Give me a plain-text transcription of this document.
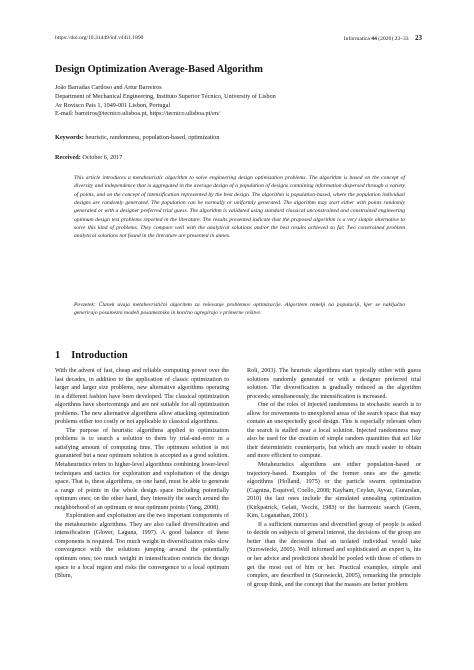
https://doi.org/10.31449/inf.v44i1.1890	Informatica 44 (2020) 23–33 23
Design Optimization Average-Based Algorithm
João Barradas Cardoso and Artur Barreiros
Department of Mechanical Engineering, Instituto Superior Técnico, University of Lisbon
Av Rovisco Pais 1, 1049-001 Lisbon, Portugal
E-mail: barreiros@tecnico.ulisboa.pt, https://tecnico.ulisboa.pt/en/
Keywords: heuristic, randomness, population-based, optimization
Received: October 6, 2017
This article introduces a metaheuristic algorithm to solve engineering design optimization problems. The algorithm is based on the concept of diversity and independence that is aggregated in the average design of a population of designs containing information dispersed through a variety of points, and on the concept of intensification represented by the best design. The algorithm is population-based, where the population individual designs are randomly generated. The population can be normally or uniformly generated. The algorithm may start either with points randomly generated or with a designer preferred trial guess. The algorithm is validated using standard classical unconstrained and constrained engineering optimum design test problems reported in the literature. The results presented indicate that the proposed algorithm is a very simple alternative to solve this kind of problems. They compare well with the analytical solutions and/or the best results achieved so far. Two constrained problem analytical solutions not found in the literature are presented in annex.
Povzetek: Članek uvaja metahevristični algoritem za reševanje problemov optimizacije. Algoritem temelji na populaciji, kjer se naključno generirajo posamezni modeli posameznika in končno agregirajo v primerne rešitve.
1 Introduction

With the advent of fast, cheap and reliable computing power over the last decades, in addition to the application of classic optimization to larger and larger size problems, new alternative algorithms operating in a different fashion have been developed. The classical optimization algorithms have shortcomings and are not suitable for all optimization problems. The new alternative algorithms allow attacking optimization problems either too costly or not applicable to classical algorithms.

The purpose of heuristic algorithms applied to optimization problems is to search a solution to them by trial-and-error in a satisfying amount of computing time. The optimum solution is not guaranteed but a near optimum solution is accepted as a good solution. Metaheuristics refers to higher-level algorithms combining lower-level techniques and tactics for exploration and exploitation of the design space. That is, these algorithms, on one hand, must be able to generate a range of points in the whole design space including potentially optimum ones; on the other hand, they intensify the search around the neighborhood of an optimum or near optimum points (Yang, 2008).

Exploration and exploitation are the two important components of the metaheuristic algorithms. They are also called diversification and intensification (Glover, Laguna, 1997). A good balance of these components is required. Too much weight in diversification risks slow convergence with the solutions jumping around the potentially optimum ones; too much weight in intensification restricts the design space to a local region and risks the convergence to a local optimum (Blum,

Roli, 2003). The heuristic algorithms start typically either with guess solutions randomly generated or with a designer preferred trial solution. The diversification is gradually reduced as the algorithm proceeds; simultaneously, the intensification is increased.

One of the roles of injected randomness in stochastic search is to allow for movements to unexplored areas of the search space that may contain an unexpectedly good design. This is especially relevant when the search is stalled near a local solution. Injected randomness may also be used for the creation of simple random quantities that act like their deterministic counterparts, but which are much easier to obtain and more efficient to compute.

Metaheuristics algorithms are either population-based or trajectory-based. Examples of the former ones are the genetic algorithms (Holland, 1975) or the particle swarm optimization (Cagnina, Esquivel, Coello, 2008; Kayham, Ceylan, Ayvaz, Gurarslan, 2010) the last ones include the simulated annealing optimization (Kirkpatrick, Gelatt, Vecchi, 1983) or the harmonic search (Geem, Kim, Loganathan, 2001).

If a sufficient numerous and diversified group of people is asked to decide on subjects of general interest, the decisions of the group are better than the decisions that an isolated individual would take (Surowiecki, 2005). Well informed and sophisticated an expert is, his or her advice and predictions should be pooled with those of others to get the most out of him or her. Practical examples, simple and complex, are described in (Surowiecki, 2005), remarking the principle of group think, and the concept that the masses are better problem
